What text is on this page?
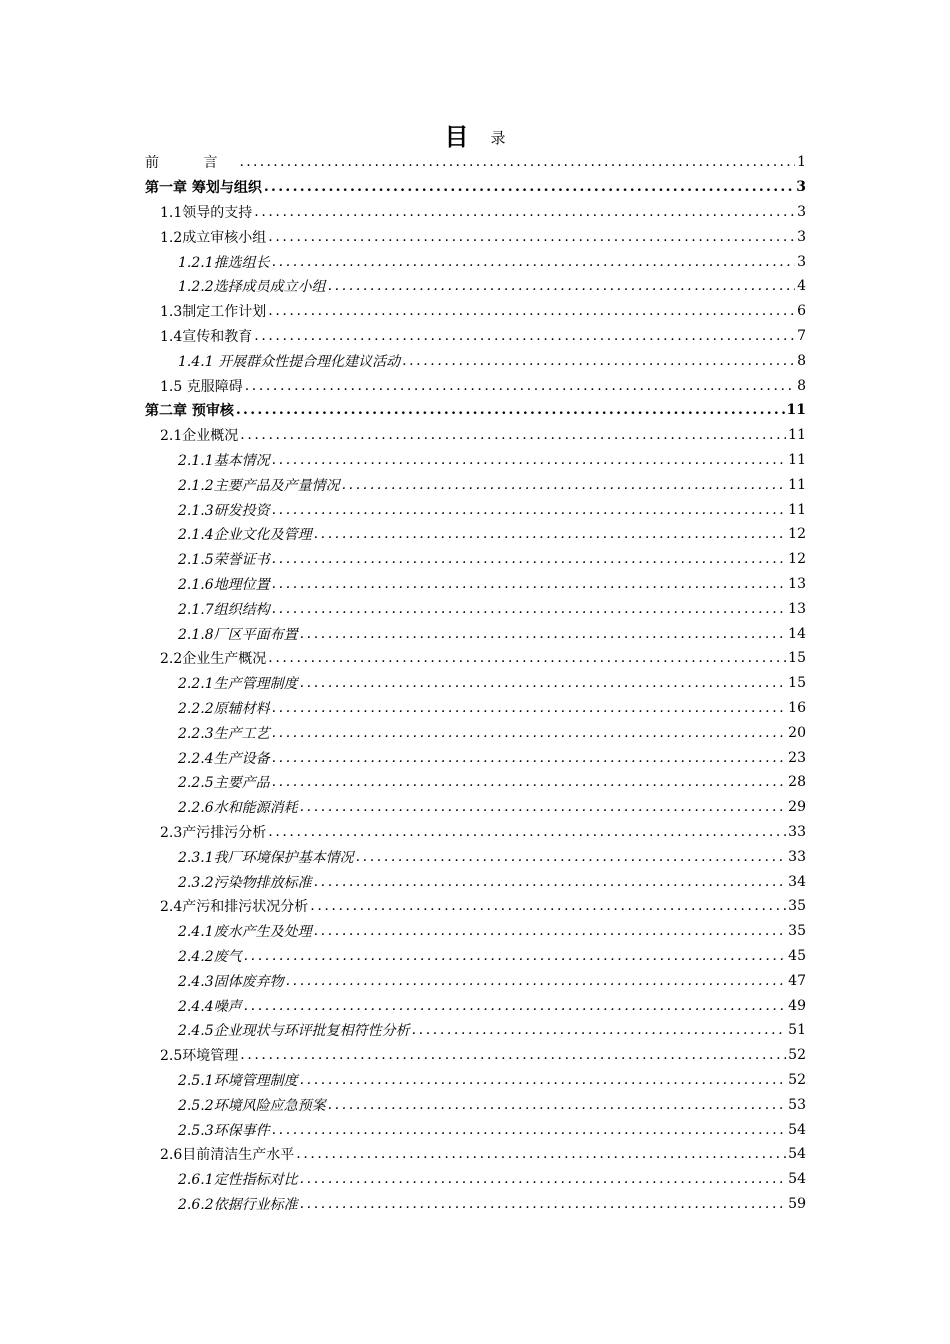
目 录
前 言 .....	1
第一章 筹划与组织 .....	3
1.1领导的支持 .....	3
1.2成立审核小组 .....	3
1.2.1推选组长 .....	3
1.2.2选择成员成立小组 .....	4
1.3制定工作计划 .....	6
1.4宣传和教育 .....	7
1.4.1 开展群众性提合理化建议活动 .....	8
1.5 克服障碍 .....	8
第二章 预审核 .....	11
2.1企业概况 .....	11
2.1.1基本情况 .....	11
2.1.2主要产品及产量情况 .....	11
2.1.3研发投资 .....	11
2.1.4企业文化及管理 .....	12
2.1.5荣誉证书 .....	12
2.1.6地理位置 .....	13
2.1.7组织结构 .....	13
2.1.8厂区平面布置 .....	14
2.2企业生产概况 .....	15
2.2.1生产管理制度 .....	15
2.2.2原辅材料 .....	16
2.2.3生产工艺 .....	20
2.2.4生产设备 .....	23
2.2.5主要产品 .....	28
2.2.6水和能源消耗 .....	29
2.3产污排污分析 .....	33
2.3.1我厂环境保护基本情况 .....	33
2.3.2污染物排放标准 .....	34
2.4产污和排污状况分析 .....	35
2.4.1废水产生及处理 .....	35
2.4.2废气 .....	45
2.4.3固体废弃物 .....	47
2.4.4噪声 .....	49
2.4.5企业现状与环评批复相符性分析 .....	51
2.5环境管理 .....	52
2.5.1环境管理制度 .....	52
2.5.2环境风险应急预案 .....	53
2.5.3环保事件 .....	54
2.6目前清洁生产水平 .....	54
2.6.1定性指标对比 .....	54
2.6.2依据行业标准 .....	59
